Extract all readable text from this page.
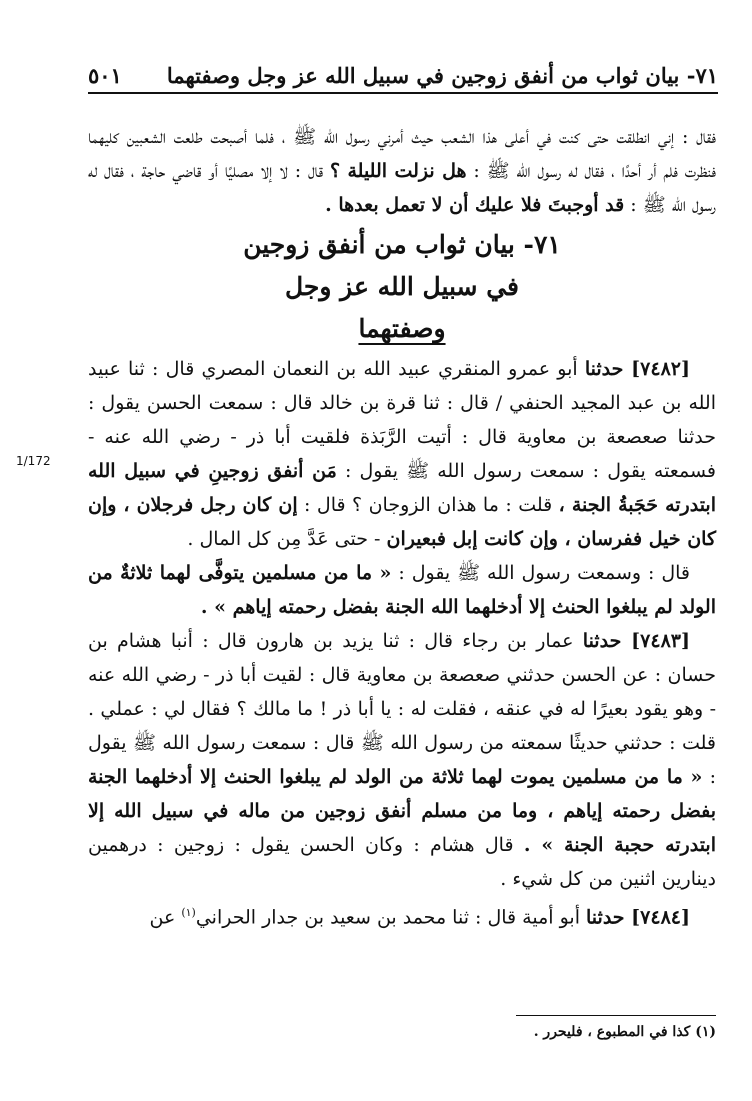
٧١- بيان ثواب من أنفق زوجين في سبيل الله عز وجل وصفتهما
٥٠١
1/172

فقال : إني انطلقت حتى كنت في أعلى هذا الشعب حيث أمرني رسول الله ﷺ ، فلما أصبحت طلعت الشعبين كليهما فنظرت فلم أر أحدًا ، فقال له رسول الله ﷺ : هل نزلت الليلة ؟ قال : لا إلا مصليًا أو قاضي حاجة ، فقال له رسول الله ﷺ : قد أوجبتَ فلا عليك أن لا تعمل بعدها .

٧١- بيان ثواب من أنفق زوجين
في سبيل الله عز وجل
وصفتهما

[٧٤٨٢] حدثنا أبو عمرو المنقري عبيد الله بن النعمان المصري قال : ثنا عبيد الله بن عبد المجيد الحنفي / قال : ثنا قرة بن خالد قال : سمعت الحسن يقول : حدثنا صعصعة بن معاوية قال : أتيت الرَّبَذة فلقيت أبا ذر - رضي الله عنه - فسمعته يقول : سمعت رسول الله ﷺ يقول : مَن أنفق زوجينِ في سبيل الله ابتدرته حَجَبةُ الجنة ، قلت : ما هذان الزوجان ؟ قال : إن كان رجل فرجلان ، وإن كان خيل ففرسان ، وإن كانت إبل فبعيران - حتى عَدَّ مِن كل المال .

قال : وسمعت رسول الله ﷺ يقول : « ما من مسلمين يتوفَّى لهما ثلاثةٌ من الولد لم يبلغوا الحنث إلا أدخلهما الله الجنة بفضل رحمته إياهم » .

[٧٤٨٣] حدثنا عمار بن رجاء قال : ثنا يزيد بن هارون قال : أنبا هشام بن حسان : عن الحسن حدثني صعصعة بن معاوية قال : لقيت أبا ذر - رضي الله عنه - وهو يقود بعيرًا له في عنقه ، فقلت له : يا أبا ذر ! ما مالك ؟ فقال لي : عملي . قلت : حدثني حديثًا سمعته من رسول الله ﷺ قال : سمعت رسول الله ﷺ يقول : « ما من مسلمين يموت لهما ثلاثة من الولد لم يبلغوا الحنث إلا أدخلهما الجنة بفضل رحمته إياهم ، وما من مسلم أنفق زوجين من ماله في سبيل الله إلا ابتدرته حجبة الجنة » . قال هشام : وكان الحسن يقول : زوجين : درهمين دينارين اثنين من كل شيء .

[٧٤٨٤] حدثنا أبو أمية قال : ثنا محمد بن سعيد بن جدار الحراني$^{(١)}$ عن

(١) كذا في المطبوع ، فليحرر .
